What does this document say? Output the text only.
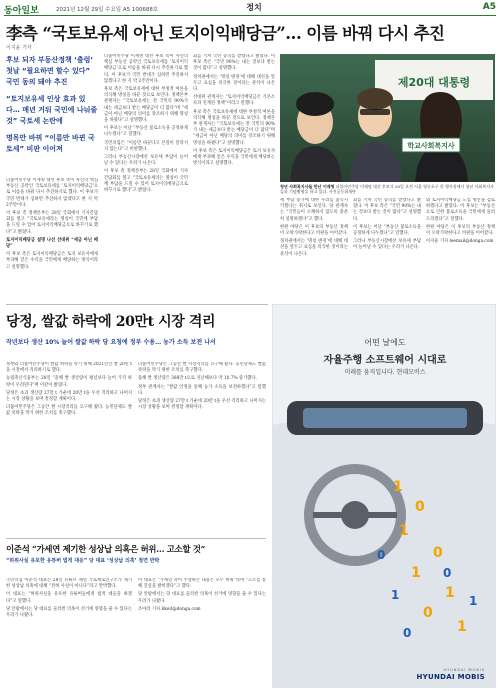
동아일보	2021년 12월 29일 수요일 A5 100688호	정치	A5
李측 “국토보유세 아닌 토지이익배당금”… 이름 바꿔 다시 추진
이지윤 기자

후보 되자 부동산정책 ‘출렁’ 첫날 “필요하면 할수 있다” 국민 동의 돼야 추진

“토지보유세 인상 효과 있다… 매년 거둬 국민에 나눠줄 것” 국토세 논란에

명목만 바꿔 “이름만 바뀐 국토세” 비판 이어져

더불어민주당 이재명 대선 후보 측이 자신의 핵심 부동산 공약인 국토보유세를 ‘토지이익배당금’으로 이름을 바꿔 다시 추진하기로 했다. 이 후보가 국민 반대가 심하면 추진하지 않겠다고 한 지 약 2주만이다.

이 후보 측 정책본부는 28일 국회에서 기자간담회를 열고 “국토보유세라는 명칭이 국민께 부담을 드릴 수 있어 토지이익배당금으로 바꾸기로 했다”고 밝혔다.

토지이익배당금 설명 나선 선대위 “세금 아닌 배당”

이 후보 측은 토지이익배당금은 토지 보유자에게 부과해 얻은 수익을 국민에게 배당하는 방식이라고 설명했다.

더불어민주당 이재명 대선 후보 측이 자신의 핵심 부동산 공약인 국토보유세를 ‘토지이익배당금’으로 이름을 바꿔 다시 추진하기로 했다. 이 후보가 국민 반대가 심하면 추진하지 않겠다고 한 지 약 2주만이다.

후보 측은 국토보유세에 대한 부정적 여론을 의식해 명칭을 바꾼 것으로 보인다. 정책본부 관계자는 “국토보유세는 전 국민의 90%가 내는 세금보다 받는 배당금이 더 많다”며 “세금이 아닌 배당의 의미를 강조하기 위해 명칭을 바꿨다”고 설명했다.

이 후보는 이날 “부동산 불로소득을 공정하게 나누겠다”고 말했다.

국민의힘은 “이름만 바꾼다고 본질이 달라지지 않는다”고 비판했다.

그러나 부동산시장에선 보유세 부담이 늘어날 수 있다는 우려가 나온다.

이 후보 측 정책본부는 28일 국회에서 기자간담회를 열고 “국토보유세라는 명칭이 국민께 부담을 드릴 수 있어 토지이익배당금으로 바꾸기로 했다”고 밝혔다.

회를 거쳐 국민 동의를 받겠다고 밝혔다. 이 후보 측은 “국민 90%는 내는 것보다 받는 것이 많다”고 설명했다.

정치권에서는 ‘명칭 변경’에 대해 대선을 앞두고 표심을 의식한 것이라는 분석이 나온다.

선대위 관계자는 “토지이익배당금은 기본소득과 연계된 정책”이라고 말했다.

후보 측은 국토보유세에 대한 부정적 여론을 의식해 명칭을 바꾼 것으로 보인다. 정책본부 관계자는 “국토보유세는 전 국민의 90%가 내는 세금보다 받는 배당금이 더 많다”며 “세금이 아닌 배당의 의미를 강조하기 위해 명칭을 바꿨다”고 설명했다.

이 후보 측은 토지이익배당금은 토지 보유자에게 부과해 얻은 수익을 국민에게 배당하는 방식이라고 설명했다.

제20대 대통령
학교사회복지사
청년 사회복지사들 만난 이재명 더불어민주당 이재명 대선 후보가 28일 오전 서울 영등포구 한 행사장에서 청년 사회복지사들과 기념촬영을 하고 있다. 사진공동취재단

세 부담 증가에 대한 우려를 불식시키겠다는 취지로 보인다. 당 관계자는 “국민들이 오해하지 않도록 충분히 설명하겠다”고 했다.

한편 야당은 이 후보의 부동산 정책이 오락가락한다고 비판을 이어갔다.

정치권에서는 ‘명칭 변경’에 대해 대선을 앞두고 표심을 의식한 것이라는 분석이 나온다.

회를 거쳐 국민 동의를 받겠다고 밝혔다. 이 후보 측은 “국민 90%는 내는 것보다 받는 것이 많다”고 설명했다.

이 후보는 이날 “부동산 불로소득을 공정하게 나누겠다”고 말했다.

그러나 부동산시장에선 보유세 부담이 늘어날 수 있다는 우려가 나온다.

와 토지이익배당금 도입 방안을 검토하겠다고 밝혔다. 이 후보는 “부동산으로 인한 불로소득을 국민에게 돌려드리겠다”고 말했다.

한편 야당은 이 후보의 부동산 정책이 오락가락한다고 비판을 이어갔다.

이지윤 기자 leemail@donga.com

당정, 쌀값 하락에 20만t 시장 격리
작년보다 생산 10% 늘어 쌀값 하락 당 요청에 정부 수용… 농가 소득 보전 나서

정부와 더불어민주당이 쌀값 하락을 막기 위해 2021년산 쌀 20만 t을 시장에서 격리하기로 했다.

농림축산식품부는 28일 “올해 쌀 생산량이 평년보다 늘어 가격 하락이 우려된다”며 이같이 밝혔다.

당정은 초과 생산량 27만 t 가운데 20만 t을 우선 격리하고 나머지는 시장 상황을 보며 결정할 계획이다.

더불어민주당은 그동안 쌀 시장격리를 요구해 왔다. 농민단체도 쌀값 폭락을 막기 위한 조치를 촉구했다.

더불어민주당은 그동안 쌀 시장격리를 요구해 왔다. 농민단체도 쌀값 폭락을 막기 위한 조치를 촉구했다.

올해 쌀 생산량은 388만 t으로 지난해보다 약 10.7% 증가했다.

정부 관계자는 “쌀값 안정을 통해 농가 소득을 보전하겠다”고 말했다.

당정은 초과 생산량 27만 t 가운데 20만 t을 우선 격리하고 나머지는 시장 상황을 보며 결정할 계획이다.

이준석 “가세연 제기한 성상납 의혹은 허위… 고소할 것”
“허위사실 유포한 유튜버 법적 대응” 당 대표 ‘성상납 의혹’ 정면 반박

국민의힘 이준석 대표는 28일 유튜브 채널 가로세로연구소가 제기한 성상납 의혹에 대해 “전혀 사실이 아니다”라고 반박했다.

이 대표는 “허위사실을 유포한 유튜버들에게 법적 대응을 하겠다”고 말했다.

당 안팎에서는 당 대표를 둘러싼 의혹이 선거에 영향을 줄 수 있다는 우려가 나왔다.

이 대표는 “가세연 측이 주장하는 내용은 모두 허위”라며 “고소를 통해 진실을 밝히겠다”고 했다.

당 안팎에서는 당 대표를 둘러싼 의혹이 선거에 영향을 줄 수 있다는 우려가 나왔다.

조아라 기자 likeit@donga.com

어떤 날에도
자율주행 소프트웨어 시대로
미래를 움직입니다. 현대모비스
1
0
1
0
1
1
0
1
0
1
0
0
1
HYUNDAI MOBIS
HYUNDAI MOBIS
